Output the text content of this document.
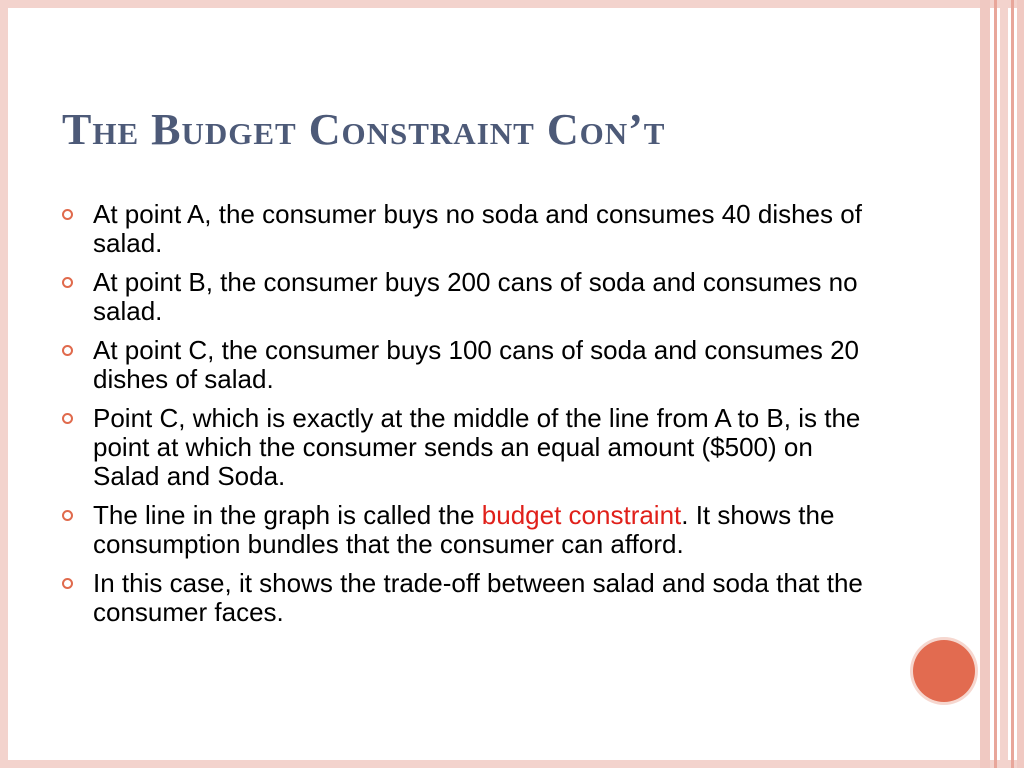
The Budget Constraint Con’t
At point A, the consumer buys no soda and consumes 40 dishes of salad.
At point B, the consumer buys 200 cans of soda and consumes no salad.
At point C, the consumer buys 100 cans of soda and consumes 20 dishes of salad.
Point C, which is exactly at the middle of the line from A to B, is the point at which the consumer sends an equal amount ($500) on Salad and Soda.
The line in the graph is called the budget constraint. It shows the consumption bundles that the consumer can afford.
In this case, it shows the trade-off between salad and soda that the consumer faces.
